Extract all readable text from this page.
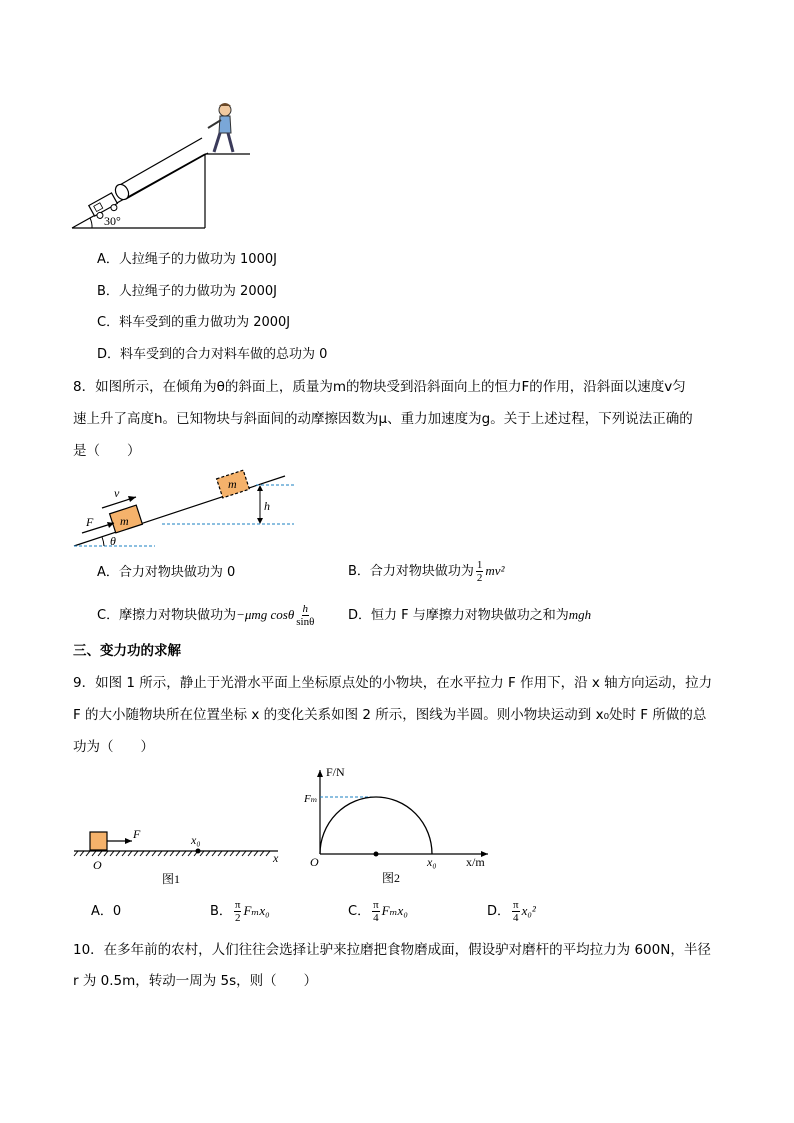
30°
A．人拉绳子的力做功为 1000J
B．人拉绳子的力做功为 2000J
C．料车受到的重力做功为 2000J
D．料车受到的合力对料车做的总功为 0
8．如图所示，在倾角为θ的斜面上，质量为m的物块受到沿斜面向上的恒力F的作用，沿斜面以速度v匀
速上升了高度h。已知物块与斜面间的动摩擦因数为μ、重力加速度为g。关于上述过程，下列说法正确的
是（　　）
θ
m
F
v
m
h
A．合力对物块做功为 0	B．合力对物块做功为 $\frac{1}{2} mv^2$
C．摩擦力对物块做功为−μmg cosθ $\frac{h}{\sin\theta}$	D．恒力 F 与摩擦力对物块做功之和为mgh
三、变力功的求解
9．如图 1 所示，静止于光滑水平面上坐标原点处的小物块，在水平拉力 F 作用下，沿 x 轴方向运动，拉力
F 的大小随物块所在位置坐标 x 的变化关系如图 2 所示，图线为半圆。则小物块运动到 x₀处时 F 所做的总
功为（　　）
F	x₀
x
O
图1
F/N
Fₘ
O	x₀ x/m
图2
A．0	B． $\frac{\pi}{2} F_mx_0$	C． $\frac{\pi}{4} F_mx_0$	D． $\frac{\pi}{4} x_0^2$
10．在多年前的农村，人们往往会选择让驴来拉磨把食物磨成面，假设驴对磨杆的平均拉力为 600N，半径
r 为 0.5m，转动一周为 5s，则（　　）
